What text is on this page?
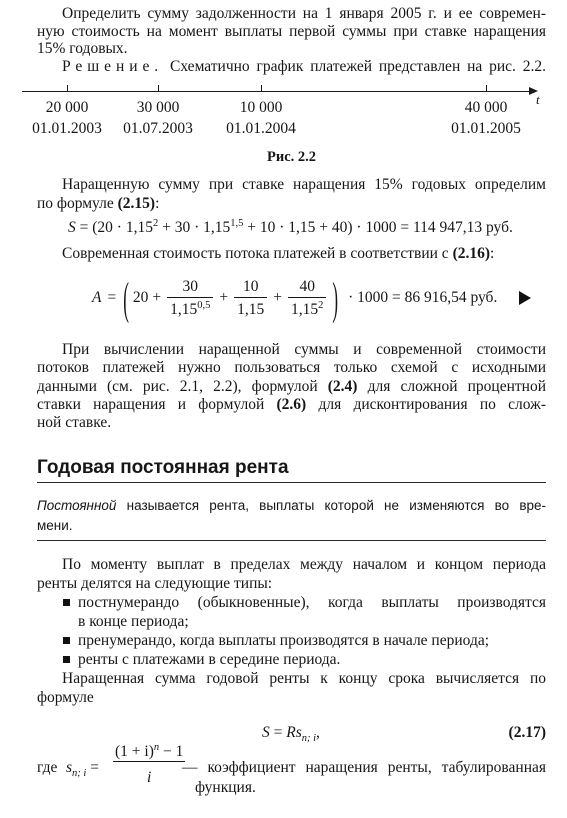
Определить сумму задолженности на 1 января 2005 г. и ее современ-
ную стоимость на момент выплаты первой суммы при ставке наращения
15% годовых.
Решение. Схематично график платежей представлен на рис. 2.2.
t
20 000	30 000	10 000	40 000
01.01.2003 01.07.2003 01.01.2004	01.01.2005
Рис. 2.2
Наращенную сумму при ставке наращения 15% годовых определим
по формуле (2.15):
$S = (20 \cdot 1,15^2 + 30 \cdot 1,15^{1,5} + 10 \cdot 1,15 + 40) \cdot 1000 = 114$ 947,13 руб.
Современная стоимость потока платежей в соответствии с (2.16):
A = ( $20 + \frac{30}{1,15^{0,5}} + \frac{10}{1,15} + \frac{40}{1,15^2}$ ) · 1000 = 86 916,54 руб.
При вычислении наращенной суммы и современной стоимости
потоков платежей нужно пользоваться только схемой с исходными
данными (см. рис. 2.1, 2.2), формулой (2.4) для сложной процентной
ставки наращения и формулой (2.6) для дисконтирования по слож-
ной ставке.
Годовая постоянная рента
Постоянной называется рента, выплаты которой не изменяются во вре-
мени.
По моменту выплат в пределах между началом и концом периода
ренты делятся на следующие типы:
постнумерандо (обыкновенные), когда выплаты производятся
в конце периода;
пренумерандо, когда выплаты производятся в начале периода;
ренты с платежами в середине периода.
Наращенная сумма годовой ренты к концу срока вычисляется по
формуле
$S = Rs_{n; i}$,	(2.17)
где $s_{n; i} = \frac{(1 + i)^n - 1}{i}$
— коэффициент наращения ренты, табулированная
функция.
